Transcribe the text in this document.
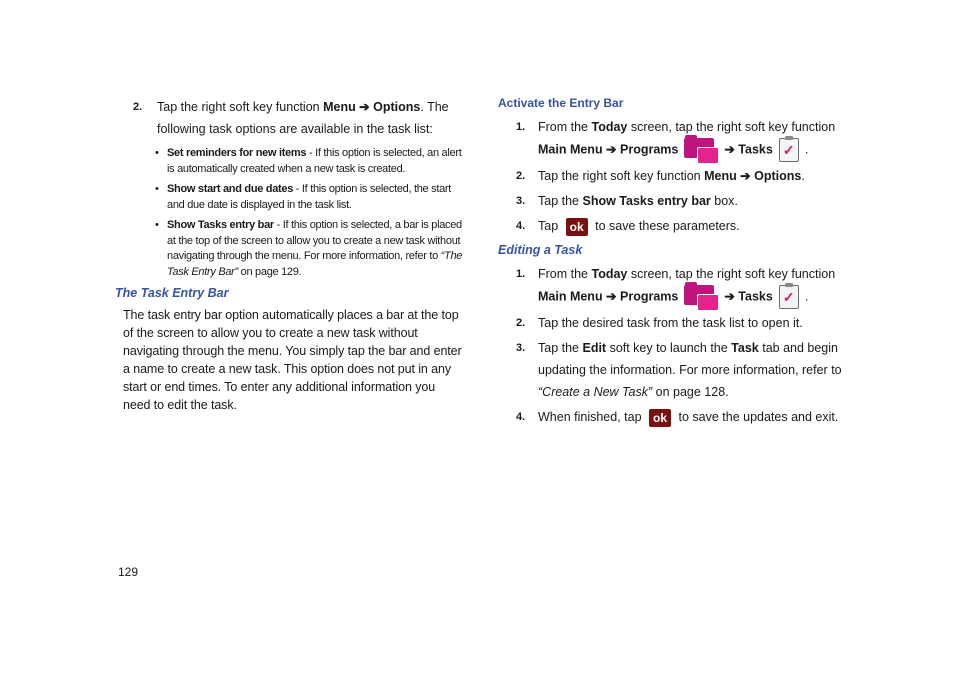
2. Tap the right soft key function Menu ➔ Options. The following task options are available in the task list:
• Set reminders for new items - If this option is selected, an alert is automatically created when a new task is created.
• Show start and due dates - If this option is selected, the start and due date is displayed in the task list.
• Show Tasks entry bar - If this option is selected, a bar is placed at the top of the screen to allow you to create a new task without navigating through the menu. For more information, refer to “The Task Entry Bar” on page 129.
The Task Entry Bar
The task entry bar option automatically places a bar at the top of the screen to allow you to create a new task without navigating through the menu. You simply tap the bar and enter a name to create a new task. This option does not put in any start or end times. To enter any additional information you need to edit the task.
Activate the Entry Bar
1. From the Today screen, tap the right soft key function Main Menu ➔ Programs	➔ Tasks ✓ .
2. Tap the right soft key function Menu ➔ Options.
3. Tap the Show Tasks entry bar box.
4. Tap ok to save these parameters.
Editing a Task
1. From the Today screen, tap the right soft key function Main Menu ➔ Programs	➔ Tasks ✓ .
2. Tap the desired task from the task list to open it.
3. Tap the Edit soft key to launch the Task tab and begin updating the information. For more information, refer to “Create a New Task” on page 128.
4. When finished, tap ok to save the updates and exit.
129
